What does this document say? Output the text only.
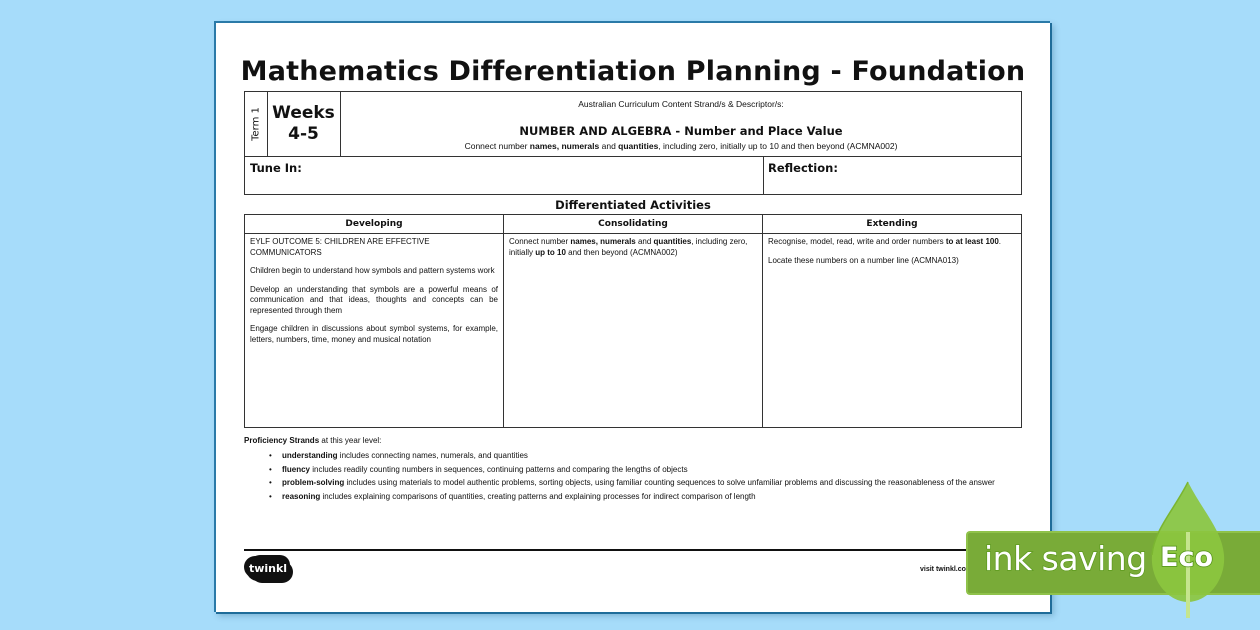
Mathematics Differentiation Planning - Foundation
Term 1 Weeks
4-5
Australian Curriculum Content Strand/s & Descriptor/s:
NUMBER AND ALGEBRA - Number and Place Value
Connect number names, numerals and quantities, including zero, initially up to 10 and then beyond (ACMNA002)
Tune In:	Reflection:
Differentiated Activities
Developing

EYLF OUTCOME 5: CHILDREN ARE EFFECTIVE COMMUNICATORS

Children begin to understand how symbols and pattern systems work

Develop an understanding that symbols are a powerful means of communication and that ideas, thoughts and concepts can be represented through them

Engage children in discussions about symbol systems, for example, letters, numbers, time, money and musical notation

Consolidating

Connect number names, numerals and quantities, including zero, initially up to 10 and then beyond (ACMNA002)

Extending

Recognise, model, read, write and order numbers to at least 100.

Locate these numbers on a number line (ACMNA013)

Proficiency Strands at this year level:
• understanding includes connecting names, numerals, and quantities
• fluency includes readily counting numbers in sequences, continuing patterns and comparing the lengths of objects
• problem-solving includes using materials to model authentic problems, sorting objects, using familiar counting sequences to solve unfamiliar problems and discussing the reasonableness of the answer
• reasoning includes explaining comparisons of quantities, creating patterns and explaining processes for indirect comparison of length
twinkl	visit twinkl.co ink saving Eco
